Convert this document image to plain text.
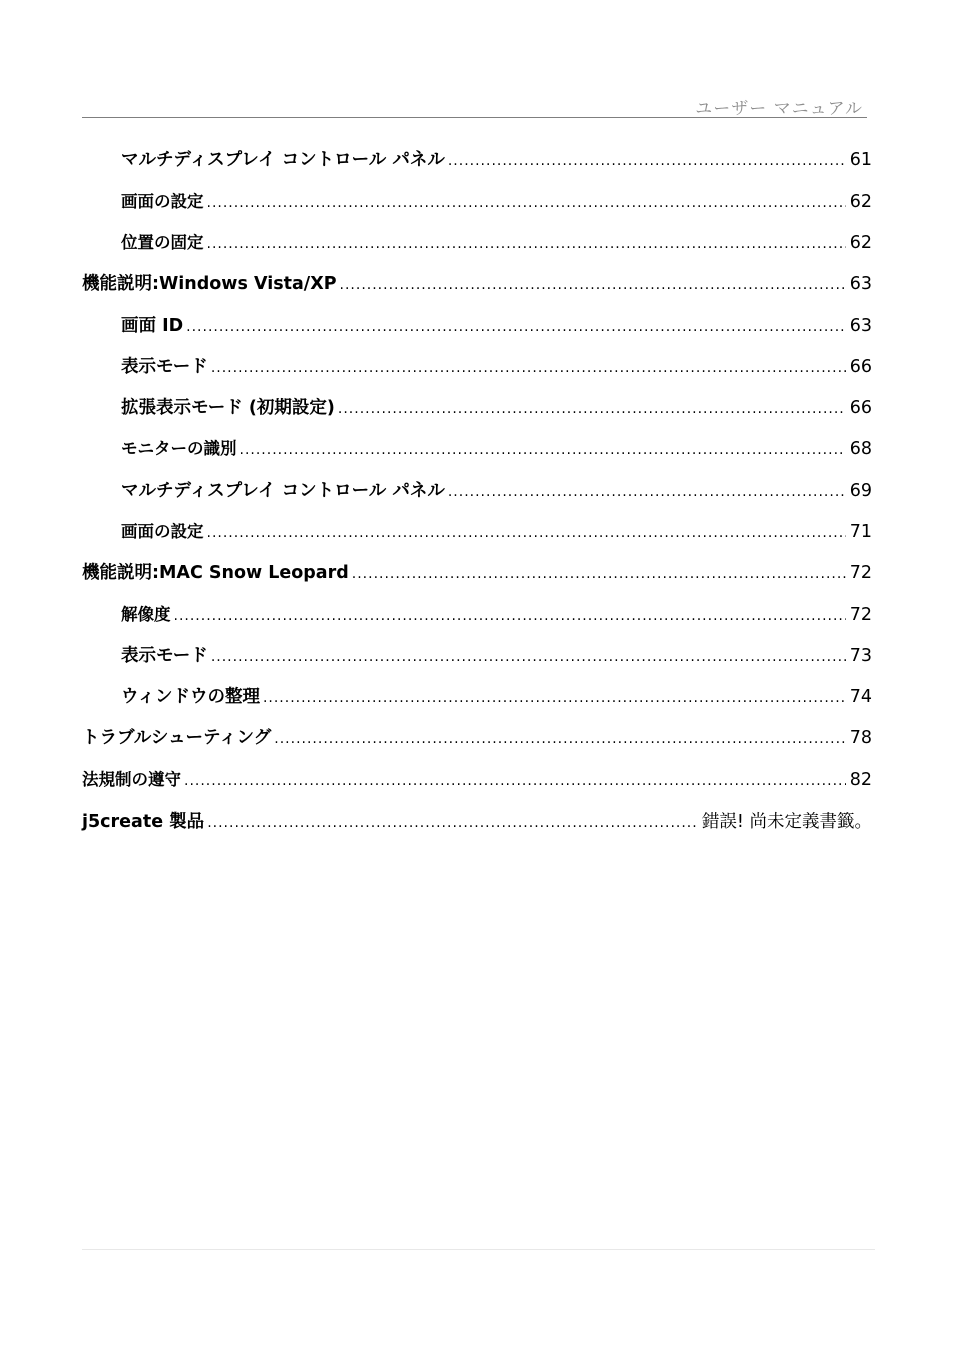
ユーザー マニュアル
マルチディスプレイ コントロール パネル .....	61
画面の設定 .....	62
位置の固定 .....	62
機能説明:Windows Vista/XP .....	63
画面 ID .....	63
表示モード .....	66
拡張表示モード (初期設定) .....	66
モニターの識別 .....	68
マルチディスプレイ コントロール パネル .....	69
画面の設定 .....	71
機能説明:MAC Snow Leopard .....	72
解像度 .....	72
表示モード .....	73
ウィンドウの整理 .....	74
トラブルシューティング .....	78
法規制の遵守 .....	82
j5create 製品 .....	錯誤! 尚未定義書籤。
